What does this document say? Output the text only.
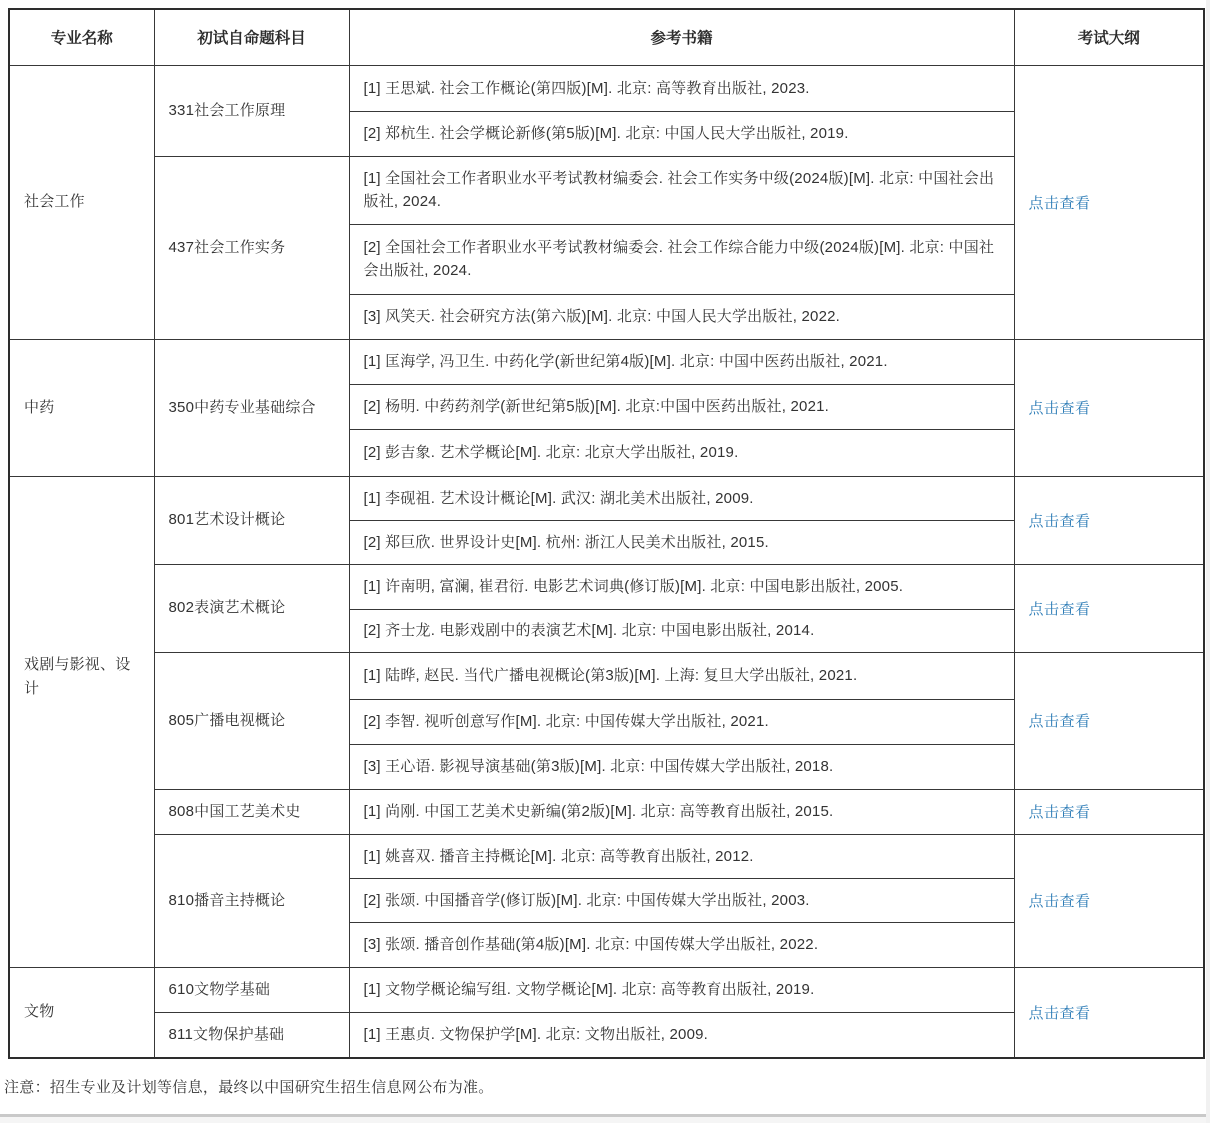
专业名称	初试自命题科目	参考书籍	考试大纲
社会工作	331社会工作原理	[1] 王思斌. 社会工作概论(第四版)[M]. 北京: 高等教育出版社, 2023.	点击查看
		[2] 郑杭生. 社会学概论新修(第5版)[M]. 北京: 中国人民大学出版社, 2019.	
	437社会工作实务	[1] 全国社会工作者职业水平考试教材编委会. 社会工作实务中级(2024版)[M]. 北京: 中国社会出版社, 2024.	
		[2] 全国社会工作者职业水平考试教材编委会. 社会工作综合能力中级(2024版)[M]. 北京: 中国社会出版社, 2024.	
		[3] 风笑天. 社会研究方法(第六版)[M]. 北京: 中国人民大学出版社, 2022.	
中药	350中药专业基础综合	[1] 匡海学, 冯卫生. 中药化学(新世纪第4版)[M]. 北京: 中国中医药出版社, 2021.	点击查看
		[2] 杨明. 中药药剂学(新世纪第5版)[M]. 北京:中国中医药出版社, 2021.	
		[2] 彭吉象. 艺术学概论[M]. 北京: 北京大学出版社, 2019.	
戏剧与影视、设计	801艺术设计概论	[1] 李砚祖. 艺术设计概论[M]. 武汉: 湖北美术出版社, 2009.	点击查看
		[2] 郑巨欣. 世界设计史[M]. 杭州: 浙江人民美术出版社, 2015.	
	802表演艺术概论	[1] 许南明, 富澜, 崔君衍. 电影艺术词典(修订版)[M]. 北京: 中国电影出版社, 2005.	点击查看
		[2] 齐士龙. 电影戏剧中的表演艺术[M]. 北京: 中国电影出版社, 2014.	
	805广播电视概论	[1] 陆晔, 赵民. 当代广播电视概论(第3版)[M]. 上海: 复旦大学出版社, 2021.	点击查看
		[2] 李智. 视听创意写作[M]. 北京: 中国传媒大学出版社, 2021.	
		[3] 王心语. 影视导演基础(第3版)[M]. 北京: 中国传媒大学出版社, 2018.	
	808中国工艺美术史	[1] 尚刚. 中国工艺美术史新编(第2版)[M]. 北京: 高等教育出版社, 2015.	点击查看
	810播音主持概论	[1] 姚喜双. 播音主持概论[M]. 北京: 高等教育出版社, 2012.	点击查看
		[2] 张颂. 中国播音学(修订版)[M]. 北京: 中国传媒大学出版社, 2003.	
		[3] 张颂. 播音创作基础(第4版)[M]. 北京: 中国传媒大学出版社, 2022.	
文物	610文物学基础	[1] 文物学概论编写组. 文物学概论[M]. 北京: 高等教育出版社, 2019.	点击查看
	811文物保护基础	[1] 王惠贞. 文物保护学[M]. 北京: 文物出版社, 2009.	
注意：招生专业及计划等信息，最终以中国研究生招生信息网公布为准。
